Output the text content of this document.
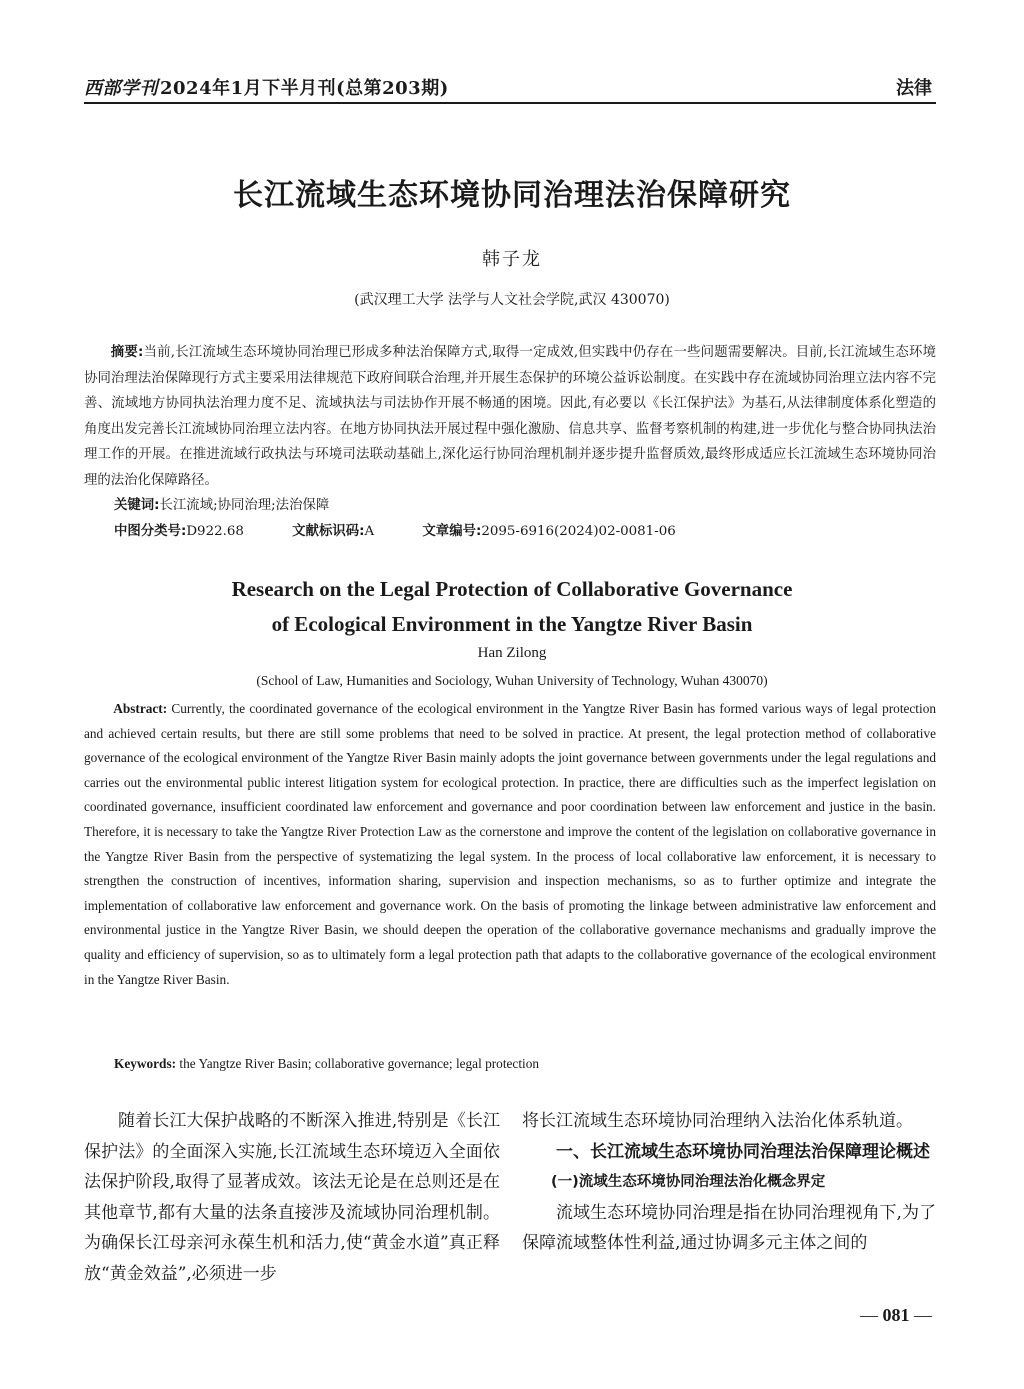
西部学刊 2024年1月下半月刊(总第203期)	法律
长江流域生态环境协同治理法治保障研究
韩子龙
(武汉理工大学 法学与人文社会学院,武汉 430070)
摘要:当前,长江流域生态环境协同治理已形成多种法治保障方式,取得一定成效,但实践中仍存在一些问题需要解决。目前,长江流域生态环境协同治理法治保障现行方式主要采用法律规范下政府间联合治理,并开展生态保护的环境公益诉讼制度。在实践中存在流域协同治理立法内容不完善、流域地方协同执法治理力度不足、流域执法与司法协作开展不畅通的困境。因此,有必要以《长江保护法》为基石,从法律制度体系化塑造的角度出发完善长江流域协同治理立法内容。在地方协同执法开展过程中强化激励、信息共享、监督考察机制的构建,进一步优化与整合协同执法治理工作的开展。在推进流域行政执法与环境司法联动基础上,深化运行协同治理机制并逐步提升监督质效,最终形成适应长江流域生态环境协同治理的法治化保障路径。
关键词:长江流域;协同治理;法治保障
中图分类号:D922.68	文献标识码:A	文章编号:2095-6916(2024)02-0081-06
Research on the Legal Protection of Collaborative Governance
of Ecological Environment in the Yangtze River Basin
Han Zilong
(School of Law, Humanities and Sociology, Wuhan University of Technology, Wuhan 430070)
Abstract: Currently, the coordinated governance of the ecological environment in the Yangtze River Basin has formed various ways of legal protection and achieved certain results, but there are still some problems that need to be solved in practice. At present, the legal protection method of collaborative governance of the ecological environment of the Yangtze River Basin mainly adopts the joint governance between governments under the legal regulations and carries out the environmental public interest litigation system for ecological protection. In practice, there are difficulties such as the imperfect legislation on coordinated governance, insufficient coordinated law enforcement and governance and poor coordination between law enforcement and justice in the basin. Therefore, it is necessary to take the Yangtze River Protection Law as the cornerstone and improve the content of the legislation on collaborative governance in the Yangtze River Basin from the perspective of systematizing the legal system. In the process of local collaborative law enforcement, it is necessary to strengthen the construction of incentives, information sharing, supervision and inspection mechanisms, so as to further optimize and integrate the implementation of collaborative law enforcement and governance work. On the basis of promoting the linkage between administrative law enforcement and environmental justice in the Yangtze River Basin, we should deepen the operation of the collaborative governance mechanisms and gradually improve the quality and efficiency of supervision, so as to ultimately form a legal protection path that adapts to the collaborative governance of the ecological environment in the Yangtze River Basin.
Keywords: the Yangtze River Basin; collaborative governance; legal protection

随着长江大保护战略的不断深入推进,特别是《长江保护法》的全面深入实施,长江流域生态环境迈入全面依法保护阶段,取得了显著成效。该法无论是在总则还是在其他章节,都有大量的法条直接涉及流域协同治理机制。为确保长江母亲河永葆生机和活力,使“黄金水道”真正释放“黄金效益”,必须进一步

将长江流域生态环境协同治理纳入法治化体系轨道。

一、长江流域生态环境协同治理法治保障理论概述

(一)流域生态环境协同治理法治化概念界定

流域生态环境协同治理是指在协同治理视角下,为了保障流域整体性利益,通过协调多元主体之间的

— 081 —
